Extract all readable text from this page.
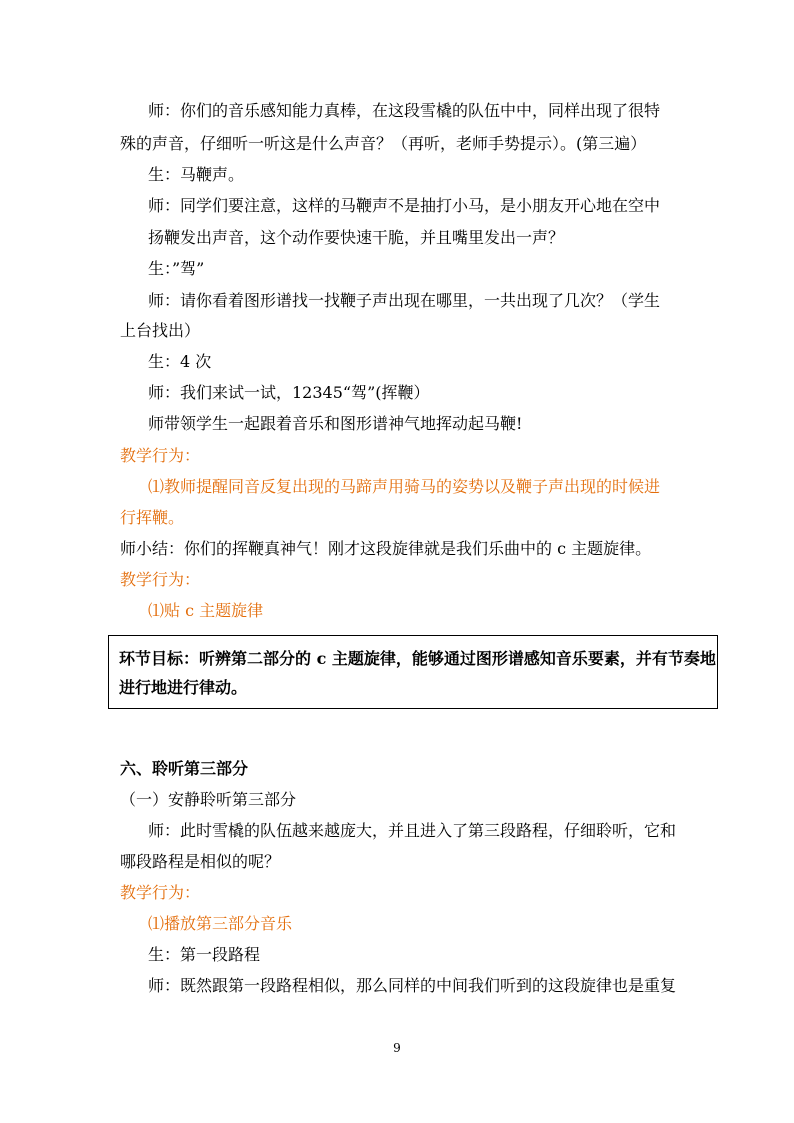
师：你们的音乐感知能力真棒，在这段雪橇的队伍中中，同样出现了很特
殊的声音，仔细听一听这是什么声音？（再听，老师手势提示）。(第三遍）
生：马鞭声。
师：同学们要注意，这样的马鞭声不是抽打小马，是小朋友开心地在空中
扬鞭发出声音，这个动作要快速干脆，并且嘴里发出一声？
生：”驾”
师：请你看着图形谱找一找鞭子声出现在哪里，一共出现了几次？（学生
上台找出）
生：4 次
师：我们来试一试，12345“驾”(挥鞭）
师带领学生一起跟着音乐和图形谱神气地挥动起马鞭!
教学行为：
⑴教师提醒同音反复出现的马蹄声用骑马的姿势以及鞭子声出现的时候进
行挥鞭。
师小结：你们的挥鞭真神气！刚才这段旋律就是我们乐曲中的 c 主题旋律。
教学行为：
⑴贴 c 主题旋律
环节目标：听辨第二部分的 c 主题旋律，能够通过图形谱感知音乐要素，并有节奏地
进行地进行律动。
六、聆听第三部分
（一）安静聆听第三部分
师：此时雪橇的队伍越来越庞大，并且进入了第三段路程，仔细聆听，它和
哪段路程是相似的呢？
教学行为：
⑴播放第三部分音乐
生：第一段路程
师：既然跟第一段路程相似，那么同样的中间我们听到的这段旋律也是重复
9
